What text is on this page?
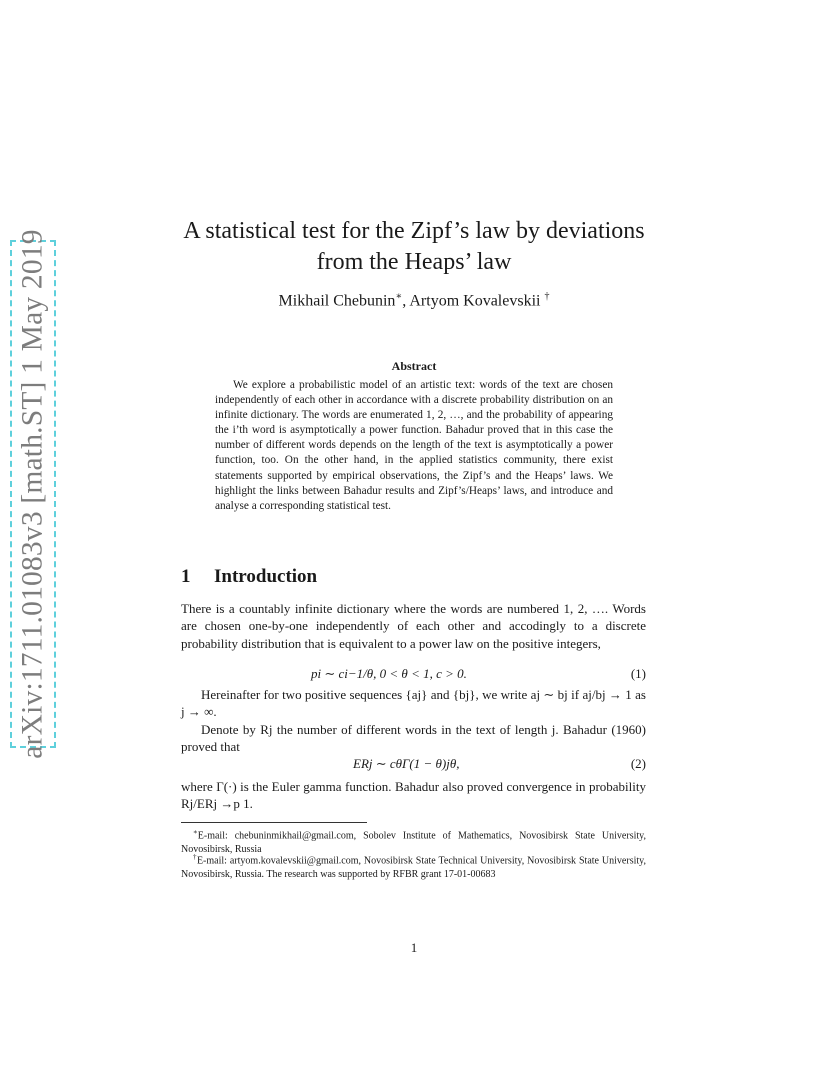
arXiv:1711.01083v3 [math.ST] 1 May 2019	A statistical test for the Zipf’s law by deviations
from the Heaps’ law
Mikhail Chebunin∗, Artyom Kovalevskii †
Abstract
We explore a probabilistic model of an artistic text: words of the text are chosen independently of each other in accordance with a discrete probability distribution on an infinite dictionary. The words are enumerated 1, 2, …, and the probability of appearing the i’th word is asymptotically a power function. Bahadur proved that in this case the number of different words depends on the length of the text is asymptotically a power function, too. On the other hand, in the applied statistics community, there exist statements supported by empirical observations, the Zipf’s and the Heaps’ laws. We highlight the links between Bahadur results and Zipf’s/Heaps’ laws, and introduce and analyse a corresponding statistical test.
1 Introduction
There is a countably infinite dictionary where the words are numbered 1, 2, …. Words are chosen one-by-one independently of each other and accodingly to a discrete probability distribution that is equivalent to a power law on the positive integers,
pi ∼ ci−1/θ, 0 < θ < 1, c > 0.	(1)
Hereinafter for two positive sequences {aj} and {bj}, we write aj ∼ bj if aj/bj → 1 as j → ∞.
Denote by Rj the number of different words in the text of length j. Bahadur (1960) proved that
ERj ∼ cθΓ(1 − θ)jθ,	(2)
where Γ(·) is the Euler gamma function. Bahadur also proved convergence in probability Rj/ERj →p 1.
∗E-mail: chebuninmikhail@gmail.com, Sobolev Institute of Mathematics, Novosibirsk State University, Novosibirsk, Russia
†E-mail: artyom.kovalevskii@gmail.com, Novosibirsk State Technical University, Novosibirsk State University, Novosibirsk, Russia. The research was supported by RFBR grant 17-01-00683
1
